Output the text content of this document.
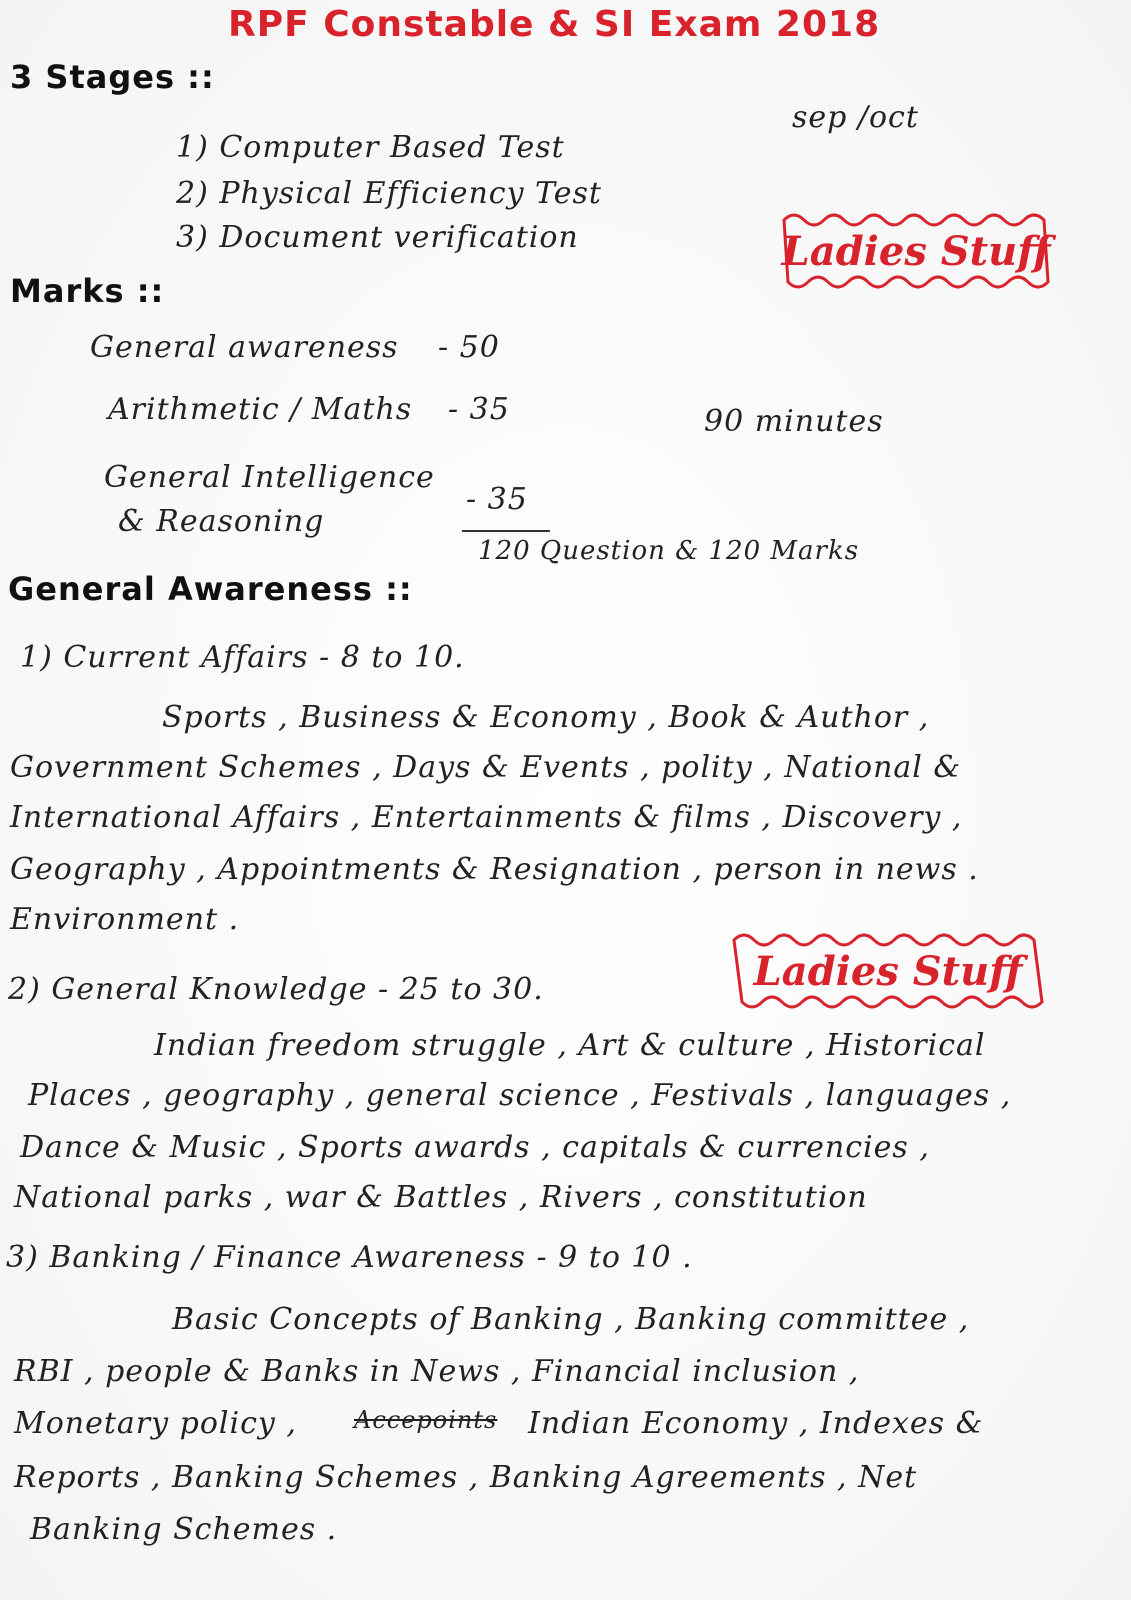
RPF Constable & SI Exam 2018
3 Stages ::
1) Computer Based Test
2) Physical Efficiency Test
3) Document verification
sep /oct
Ladies Stuff
Marks ::
General awareness - 50
Arithmetic / Maths - 35
General Intelligence
& Reasoning
- 35
120 Question & 120 Marks
90 minutes
General Awareness ::
1) Current Affairs - 8 to 10.
Sports , Business & Economy , Book & Author ,
Government Schemes , Days & Events , polity , National &
International Affairs , Entertainments & films , Discovery ,
Geography , Appointments & Resignation , person in news .
Environment .
Ladies Stuff
2) General Knowledge - 25 to 30.
Indian freedom struggle , Art & culture , Historical
Places , geography , general science , Festivals , languages ,
Dance & Music , Sports awards , capitals & currencies ,
National parks , war & Battles , Rivers , constitution
3) Banking / Finance Awareness - 9 to 10 .
Basic Concepts of Banking , Banking committee ,
RBI , people & Banks in News , Financial inclusion ,
Monetary policy , Accepoints Indian Economy , Indexes &
Reports , Banking Schemes , Banking Agreements , Net
Banking Schemes .
